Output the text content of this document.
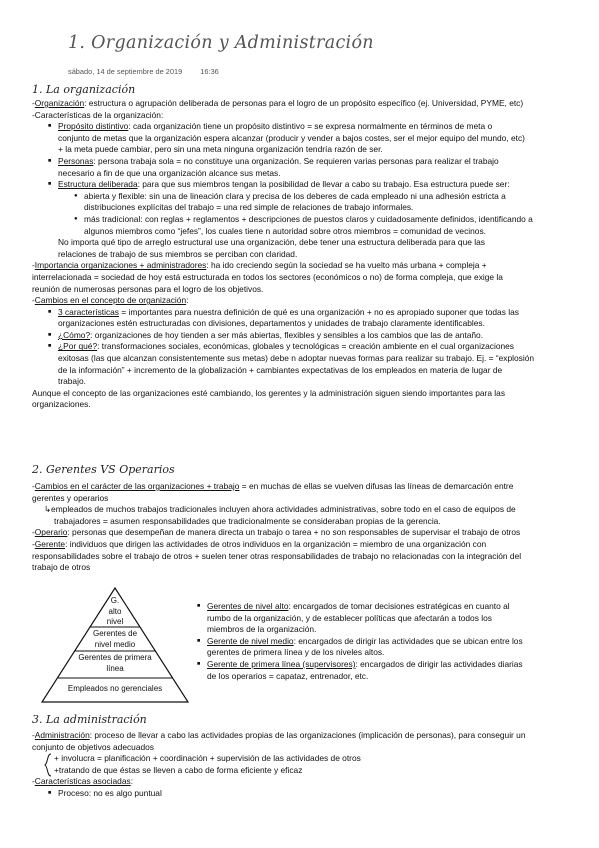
1. Organización y Administración
sábado, 14 de septiembre de 2019 16:36
1. La organización
-Organización: estructura o agrupación deliberada de personas para el logro de un propósito específico (ej. Universidad, PYME, etc)
-Características de la organización:
■ Propósito distintivo: cada organización tiene un propósito distintivo = se expresa normalmente en términos de meta o
conjunto de metas que la organización espera alcanzar (producir y vender a bajos costes, ser el mejor equipo del mundo, etc)
+ la meta puede cambiar, pero sin una meta ninguna organización tendría razón de ser.
■ Personas: persona trabaja sola = no constituye una organización. Se requieren varias personas para realizar el trabajo
necesario a fin de que una organización alcance sus metas.
■ Estructura deliberada: para que sus miembros tengan la posibilidad de llevar a cabo su trabajo. Esa estructura puede ser:
● abierta y flexible: sin una de lineación clara y precisa de los deberes de cada empleado ni una adhesión estricta a
distribuciones explícitas del trabajo = una red simple de relaciones de trabajo informales.
● más tradicional: con reglas + reglamentos + descripciones de puestos claros y cuidadosamente definidos, identificando a
algunos miembros como “jefes”, los cuales tiene n autoridad sobre otros miembros = comunidad de vecinos.
No importa qué tipo de arreglo estructural use una organización, debe tener una estructura deliberada para que las
relaciones de trabajo de sus miembros se perciban con claridad.
-Importancia organizaciones + administradores: ha ido creciendo según la sociedad se ha vuelto más urbana + compleja +
interrelacionada = sociedad de hoy está estructurada en todos los sectores (económicos o no) de forma compleja, que exige la
reunión de numerosas personas para el logro de los objetivos.
-Cambios en el concepto de organización:
■ 3 características = importantes para nuestra definición de qué es una organización + no es apropiado suponer que todas las
organizaciones estén estructuradas con divisiones, departamentos y unidades de trabajo claramente identificables.
■ ¿Cómo?: organizaciones de hoy tienden a ser más abiertas, flexibles y sensibles a los cambios que las de antaño.
■ ¿Por qué?: transformaciones sociales, económicas, globales y tecnológicas = creación ambiente en el cual organizaciones
exitosas (las que alcanzan consistentemente sus metas) debe n adoptar nuevas formas para realizar su trabajo. Ej. = “explosión
de la información” + incremento de la globalización + cambiantes expectativas de los empleados en materia de lugar de
trabajo.
Aunque el concepto de las organizaciones esté cambiando, los gerentes y la administración siguen siendo importantes para las
organizaciones.
2. Gerentes VS Operarios
-Cambios en el carácter de las organizaciones + trabajo = en muchas de ellas se vuelven difusas las líneas de demarcación entre
gerentes y operarios
↳empleados de muchos trabajos tradicionales incluyen ahora actividades administrativas, sobre todo en el caso de equipos de
trabajadores = asumen responsabilidades que tradicionalmente se consideraban propias de la gerencia.
-Operario: personas que desempeñan de manera directa un trabajo o tarea + no son responsables de supervisar el trabajo de otros
-Gerente: individuos que dirigen las actividades de otros individuos en la organización = miembro de una organización con
responsabilidades sobre el trabajo de otros + suelen tener otras responsabilidades de trabajo no relacionadas con la integración del
trabajo de otros
G.
alto
nivel
Gerentes de
nivel medio
Gerentes de primera
línea
Empleados no gerenciales
■ Gerentes de nivel alto: encargados de tomar decisiones estratégicas en cuanto al
rumbo de la organización, y de establecer políticas que afectarán a todos los
miembros de la organización.
■ Gerente de nivel medio: encargados de dirigir las actividades que se ubican entre los
gerentes de primera línea y de los niveles altos.
■ Gerente de primera línea (supervisores): encargados de dirigir las actividades diarias
de los operarios = capataz, entrenador, etc.
3. La administración
-Administración: proceso de llevar a cabo las actividades propias de las organizaciones (implicación de personas), para conseguir un
conjunto de objetivos adecuados
+ involucra = planificación + coordinación + supervisión de las actividades de otros
+tratando de que éstas se lleven a cabo de forma eficiente y eficaz
-Características asociadas:
■ Proceso: no es algo puntual
